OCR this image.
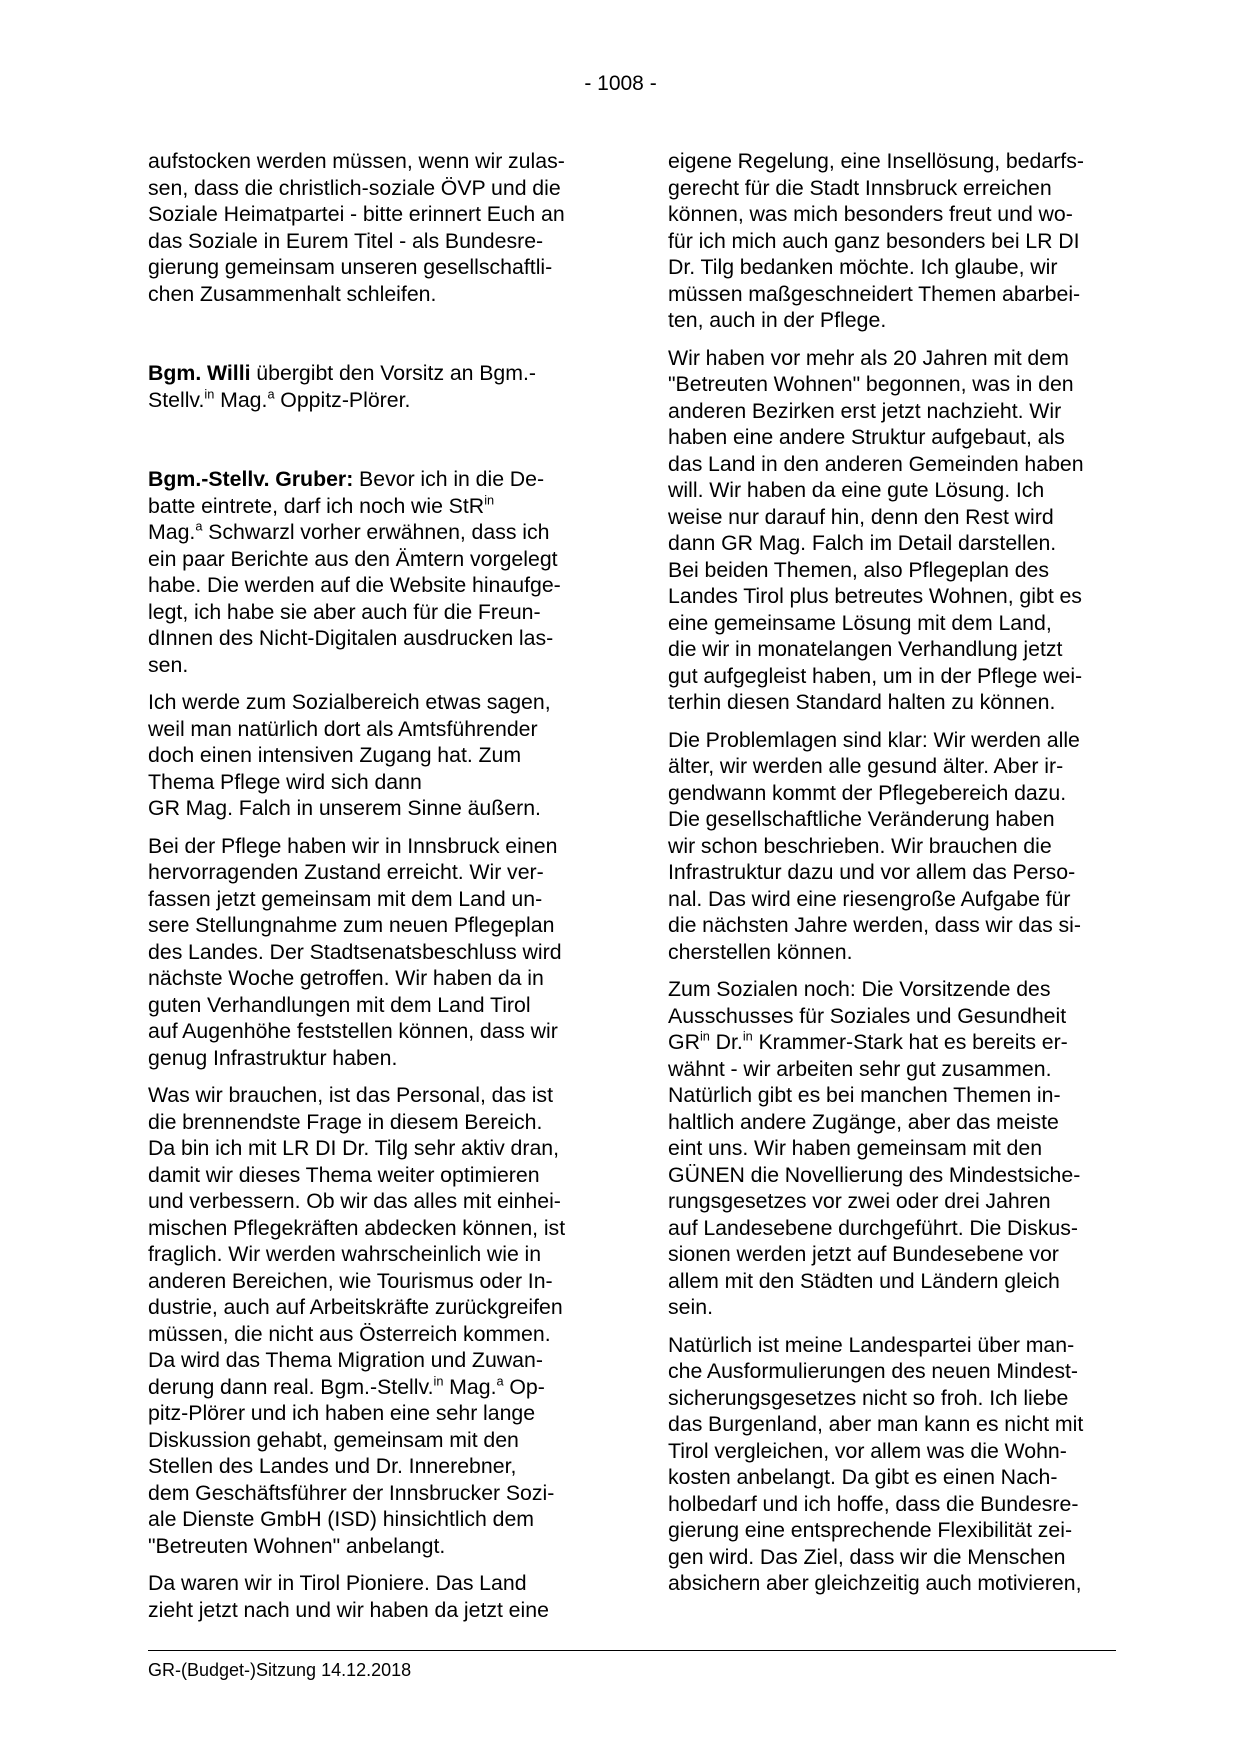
- 1008 -

aufstocken werden müssen, wenn wir zulas-
sen, dass die christlich-soziale ÖVP und die
Soziale Heimatpartei - bitte erinnert Euch an
das Soziale in Eurem Titel - als Bundesre-
gierung gemeinsam unseren gesellschaftli-
chen Zusammenhalt schleifen.

Bgm. Willi übergibt den Vorsitz an Bgm.-
Stellv.$^{in}$ Mag.$^a$ Oppitz-Plörer.

Bgm.-Stellv. Gruber: Bevor ich in die De-
batte eintrete, darf ich noch wie StR$^{in}$
Mag.$^a$ Schwarzl vorher erwähnen, dass ich
ein paar Berichte aus den Ämtern vorgelegt
habe. Die werden auf die Website hinaufge-
legt, ich habe sie aber auch für die Freun-
dInnen des Nicht-Digitalen ausdrucken las-
sen.

Ich werde zum Sozialbereich etwas sagen,
weil man natürlich dort als Amtsführender
doch einen intensiven Zugang hat. Zum
Thema Pflege wird sich dann
GR Mag. Falch in unserem Sinne äußern.

Bei der Pflege haben wir in Innsbruck einen
hervorragenden Zustand erreicht. Wir ver-
fassen jetzt gemeinsam mit dem Land un-
sere Stellungnahme zum neuen Pflegeplan
des Landes. Der Stadtsenatsbeschluss wird
nächste Woche getroffen. Wir haben da in
guten Verhandlungen mit dem Land Tirol
auf Augenhöhe feststellen können, dass wir
genug Infrastruktur haben.

Was wir brauchen, ist das Personal, das ist
die brennendste Frage in diesem Bereich.
Da bin ich mit LR DI Dr. Tilg sehr aktiv dran,
damit wir dieses Thema weiter optimieren
und verbessern. Ob wir das alles mit einhei-
mischen Pflegekräften abdecken können, ist
fraglich. Wir werden wahrscheinlich wie in
anderen Bereichen, wie Tourismus oder In-
dustrie, auch auf Arbeitskräfte zurückgreifen
müssen, die nicht aus Österreich kommen.
Da wird das Thema Migration und Zuwan-
derung dann real. Bgm.-Stellv.$^{in}$ Mag.$^a$ Op-
pitz-Plörer und ich haben eine sehr lange
Diskussion gehabt, gemeinsam mit den
Stellen des Landes und Dr. Innerebner,
dem Geschäftsführer der Innsbrucker Sozi-
ale Dienste GmbH (ISD) hinsichtlich dem
"Betreuten Wohnen" anbelangt.

Da waren wir in Tirol Pioniere. Das Land
zieht jetzt nach und wir haben da jetzt eine

eigene Regelung, eine Insellösung, bedarfs-
gerecht für die Stadt Innsbruck erreichen
können, was mich besonders freut und wo-
für ich mich auch ganz besonders bei LR DI
Dr. Tilg bedanken möchte. Ich glaube, wir
müssen maßgeschneidert Themen abarbei-
ten, auch in der Pflege.

Wir haben vor mehr als 20 Jahren mit dem
"Betreuten Wohnen" begonnen, was in den
anderen Bezirken erst jetzt nachzieht. Wir
haben eine andere Struktur aufgebaut, als
das Land in den anderen Gemeinden haben
will. Wir haben da eine gute Lösung. Ich
weise nur darauf hin, denn den Rest wird
dann GR Mag. Falch im Detail darstellen.
Bei beiden Themen, also Pflegeplan des
Landes Tirol plus betreutes Wohnen, gibt es
eine gemeinsame Lösung mit dem Land,
die wir in monatelangen Verhandlung jetzt
gut aufgegleist haben, um in der Pflege wei-
terhin diesen Standard halten zu können.

Die Problemlagen sind klar: Wir werden alle
älter, wir werden alle gesund älter. Aber ir-
gendwann kommt der Pflegebereich dazu.
Die gesellschaftliche Veränderung haben
wir schon beschrieben. Wir brauchen die
Infrastruktur dazu und vor allem das Perso-
nal. Das wird eine riesengroße Aufgabe für
die nächsten Jahre werden, dass wir das si-
cherstellen können.

Zum Sozialen noch: Die Vorsitzende des
Ausschusses für Soziales und Gesundheit
$GR^{in}$ Dr.$^{in}$ Krammer-Stark hat es bereits er-
wähnt - wir arbeiten sehr gut zusammen.
Natürlich gibt es bei manchen Themen in-
haltlich andere Zugänge, aber das meiste
eint uns. Wir haben gemeinsam mit den
GÜNEN die Novellierung des Mindestsiche-
rungsgesetzes vor zwei oder drei Jahren
auf Landesebene durchgeführt. Die Diskus-
sionen werden jetzt auf Bundesebene vor
allem mit den Städten und Ländern gleich
sein.

Natürlich ist meine Landespartei über man-
che Ausformulierungen des neuen Mindest-
sicherungsgesetzes nicht so froh. Ich liebe
das Burgenland, aber man kann es nicht mit
Tirol vergleichen, vor allem was die Wohn-
kosten anbelangt. Da gibt es einen Nach-
holbedarf und ich hoffe, dass die Bundesre-
gierung eine entsprechende Flexibilität zei-
gen wird. Das Ziel, dass wir die Menschen
absichern aber gleichzeitig auch motivieren,

GR-(Budget-)Sitzung 14.12.2018
